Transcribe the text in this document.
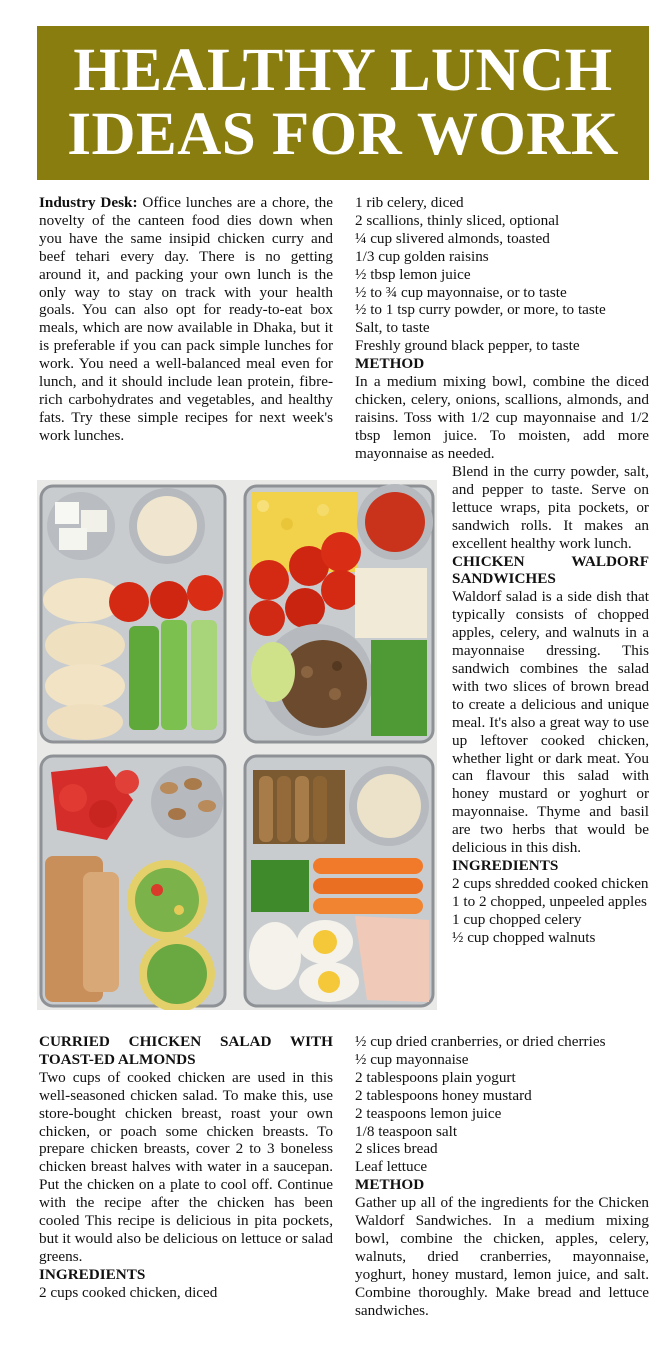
HEALTHY LUNCH
IDEAS FOR WORK

Industry Desk: Office lunches are a chore, the novelty of the canteen food dies down when you have the same insipid chicken curry and beef tehari every day. There is no getting around it, and packing your own lunch is the only way to stay on track with your health goals. You can also opt for ready-to-eat box meals, which are now available in Dhaka, but it is preferable if you can pack simple lunches for work. You need a well-balanced meal even for lunch, and it should include lean protein, fibre-rich carbohydrates and vegetables, and healthy fats. Try these simple recipes for next week's work lunches.

1 rib celery, diced
2 scallions, thinly sliced, optional
¼ cup slivered almonds, toasted
1/3 cup golden raisins
½ tbsp lemon juice
½ to ¾ cup mayonnaise, or to taste
½ to 1 tsp curry powder, or more, to taste
Salt, to taste
Freshly ground black pepper, to taste
METHOD

In a medium mixing bowl, combine the diced chicken, celery, onions, scallions, almonds, and raisins. Toss with 1/2 cup mayonnaise and 1/2 tbsp lemon juice. To moisten, add more mayonnaise as needed.

Blend in the curry powder, salt, and pepper to taste. Serve on lettuce wraps, pita pockets, or sandwich rolls. It makes an excellent healthy work lunch.

CHICKEN WALDORF SANDWICHES

Waldorf salad is a side dish that typically consists of chopped apples, celery, and walnuts in a mayonnaise dressing. This sandwich combines the salad with two slices of brown bread to create a delicious and unique meal. It's also a great way to use up leftover cooked chicken, whether light or dark meat. You can flavour this salad with honey mustard or yoghurt or mayonnaise. Thyme and basil are two herbs that would be delicious in this dish.

INGREDIENTS
2 cups shredded cooked chicken
1 to 2 chopped, unpeeled apples
1 cup chopped celery
½ cup chopped walnuts
CURRIED CHICKEN SALAD WITH TOAST-ED ALMONDS

Two cups of cooked chicken are used in this well-seasoned chicken salad. To make this, use store-bought chicken breast, roast your own chicken, or poach some chicken breasts. To prepare chicken breasts, cover 2 to 3 boneless chicken breast halves with water in a saucepan. Put the chicken on a plate to cool off. Continue with the recipe after the chicken has been cooled This recipe is delicious in pita pockets, but it would also be delicious on lettuce or salad greens.

INGREDIENTS
2 cups cooked chicken, diced
½ cup dried cranberries, or dried cherries
½ cup mayonnaise
2 tablespoons plain yogurt
2 tablespoons honey mustard
2 teaspoons lemon juice
1/8 teaspoon salt
2 slices bread
Leaf lettuce
METHOD

Gather up all of the ingredients for the Chicken Waldorf Sandwiches. In a medium mixing bowl, combine the chicken, apples, celery, walnuts, dried cranberries, mayonnaise, yoghurt, honey mustard, lemon juice, and salt. Combine thoroughly. Make bread and lettuce sandwiches.
